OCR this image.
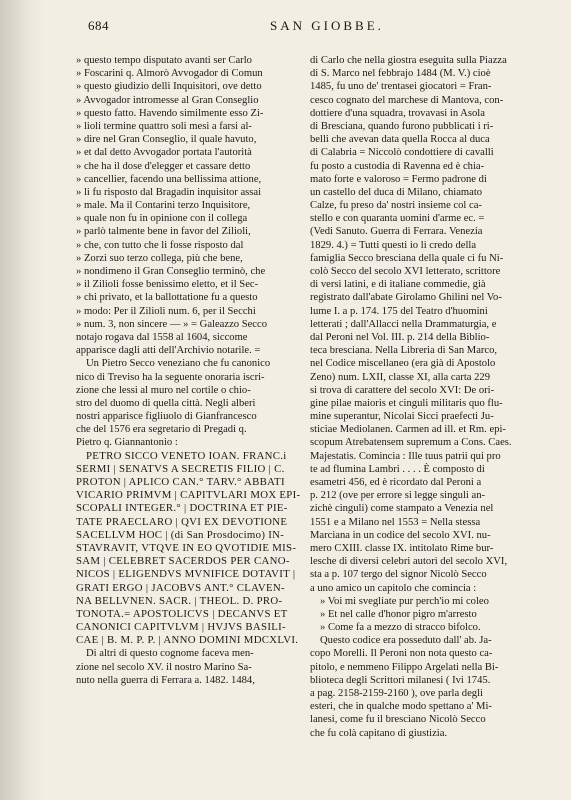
684	SAN GIOBBE.
» questo tempo disputato avanti ser Carlo
» Foscarini q. Almorò Avvogador di Comun
» questo giudizio delli Inquisitori, ove detto
» Avvogador intromesse al Gran Conseglio
» questo fatto. Havendo similmente esso Zi-
» lioli termine quattro soli mesi a farsi al-
» dire nel Gran Conseglio, il quale havuto,
» et dal detto Avvogador portata l'autorità
» che ha il dose d'elegger et cassare detto
» cancellier, facendo una bellissima attione,
» li fu risposto dal Bragadin inquisitor assai
» male. Ma il Contarini terzo Inquisitore,
» quale non fu in opinione con il collega
» parlò talmente bene in favor del Zilioli,
» che, con tutto che li fosse risposto dal
» Zorzi suo terzo collega, più che bene,
» nondimeno il Gran Conseglio terminò, che
» il Zilioli fosse benissimo eletto, et il Sec-
» chi privato, et la ballottatione fu a questo
» modo: Per il Zilioli num. 6, per il Secchi
» num. 3, non sincere — » = Galeazzo Secco
notajo rogava dal 1558 al 1604, siccome
apparisce dagli atti dell'Archivio notarile. =
Un Pietro Secco veneziano che fu canonico
nico di Treviso ha la seguente onoraria iscri-
zione che lessi al muro nel cortile o chio-
stro del duomo di quella città. Negli alberi
nostri apparisce figliuolo di Gianfrancesco
che del 1576 era segretario di Pregadi q.
Pietro q. Giannantonio :
PETRO SICCO VENETO IOAN. FRANC.i
SERMI | SENATVS A SECRETIS FILIO | C.
PROTON | APLICO CAN.° TARV.° ABBATI
VICARIO PRIMVM | CAPITVLARI MOX EPI-
SCOPALI INTEGER.° | DOCTRINA ET PIE-
TATE PRAECLARO | QVI EX DEVOTIONE
SACELLVM HOC | (di San Prosdocimo) IN-
STAVRAVIT, VTQVE IN EO QVOTIDIE MIS-
SAM | CELEBRET SACERDOS PER CANO-
NICOS | ELIGENDVS MVNIFICE DOTAVIT |
GRATI ERGO | JACOBVS ANT.° CLAVEN-
NA BELLVNEN. SACR. | THEOL. D. PRO-
TONOTA.= APOSTOLICVS | DECANVS ET
CANONICI CAPITVLVM | HVJVS BASILI-
CAE | B. M. P. P. | ANNO DOMINI MDCXLVI.
Di altri di questo cognome faceva men-
zione nel secolo XV. il nostro Marino Sa-
nuto nella guerra di Ferrara a. 1482. 1484,
di Carlo che nella giostra eseguita sulla Piazza
di S. Marco nel febbrajo 1484 (M. V.) cioè
1485, fu uno de' trentasei giocatori = Fran-
cesco cognato del marchese di Mantova, con-
dottiere d'una squadra, trovavasi in Asola
di Bresciana, quando furono pubblicati i ri-
belli che avevan data quella Rocca al duca
di Calabria = Niccolò condottiere di cavalli
fu posto a custodia di Ravenna ed è chia-
mato forte e valoroso = Fermo padrone di
un castello del duca di Milano, chiamato
Calze, fu preso da' nostri insieme col ca-
stello e con quaranta uomini d'arme ec. =
(Vedi Sanuto. Guerra di Ferrara. Venezia
1829. 4.) = Tutti questi io li credo della
famiglia Secco bresciana della quale ci fu Ni-
colò Secco del secolo XVI letterato, scrittore
di versi latini, e di italiane commedie, già
registrato dall'abate Girolamo Ghilini nel Vo-
lume I. a p. 174. 175 del Teatro d'huomini
letterati ; dall'Allacci nella Drammaturgia, e
dal Peroni nel Vol. III. p. 214 della Biblio-
teca bresciana. Nella Libreria di San Marco,
nel Codice miscellaneo (era già di Apostolo
Zeno) num. LXII, classe XI, alla carta 229
si trova di carattere del secolo XVI: De ori-
gine pilae maioris et cinguli militaris quo flu-
mine superantur, Nicolai Sicci praefecti Ju-
sticiae Mediolanen. Carmen ad ill. et Rm. epi-
scopum Atrebatensem supremum a Cons. Caes.
Majestatis. Comincia : Ille tuus patrii qui pro
te ad flumina Lambri . . . . È composto di
esametri 456, ed è ricordato dal Peroni a
p. 212 (ove per errore si legge singuli an-
zichè cinguli) come stampato a Venezia nel
1551 e a Milano nel 1553 = Nella stessa
Marciana in un codice del secolo XVI. nu-
mero CXIII. classe IX. intitolato Rime bur-
lesche di diversi celebri autori del secolo XVI,
sta a p. 107 tergo del signor Nicolò Secco
a uno amico un capitolo che comincia :
» Voi mi svegliate pur perch'io mi coleo
» Et nel calle d'honor pigro m'arresto
» Come fa a mezzo di stracco bifolco.
Questo codice era posseduto dall' ab. Ja-
copo Morelli. Il Peroni non nota questo ca-
pitolo, e nemmeno Filippo Argelati nella Bi-
blioteca degli Scrittori milanesi ( Ivi 1745.
a pag. 2158-2159-2160 ), ove parla degli
esteri, che in qualche modo spettano a' Mi-
lanesi, come fu il bresciano Nicolò Secco
che fu colà capitano di giustizia.
